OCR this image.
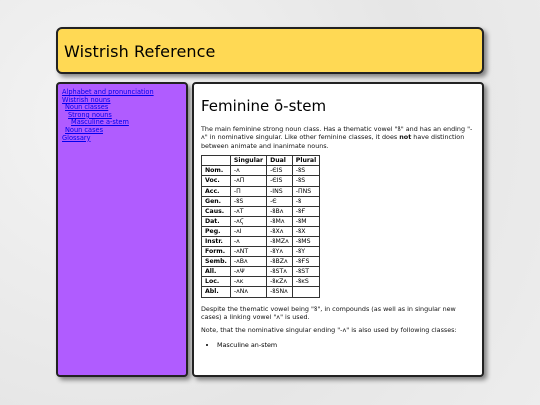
Wistrish Reference
Alphabet and pronunciation
Wistrish nouns
Noun classes
Strong nouns
Masculine a-stem
Noun cases
Glossary
Feminine ō-stem

The main feminine strong noun class. Has a thematic vowel "ꝸ" and has an ending "-ʌ" in nominative singular. Like other feminine classes, it does not have distinction between animate and inanimate nouns.

	Singular	Dual	Plural
Nom.	-ʌ	-ЄIS	-ꝸS
Voc.	-ʌΠ	-ЄIS	-ꝸS
Acc.	-Π	-INS	-ΠNS
Gen.	-ꝸS	-Є	-ꝸ
Caus.	-ʌT	-ꝸBʌ	-ꝸҒ
Dat.	-ʌϚ	-ꝸMʌ	-ꝸM
Peg.	-ʌI	-ꝸXʌ	-ꝸX
Instr.	-ʌ	-ꝸMZʌ	-ꝸMS
Form.	-ʌNT	-ꝸYʌ	-ꝸY
Semb.	-ʌBʌ	-ꝸBZʌ	-ꝸҒS
All.	-ʌΨ	-ꝸSTʌ	-ꝸST
Loc.	-ʌĸ	-ꝸĸZʌ	-ꝸĸS
Abl.	-ʌNʌ	-ꝸSNʌ	

Despite the thematic vowel being "ꝸ", in compounds (as well as in singular new cases) a linking vowel "ʌ" is used.

Note, that the nominative singular ending "-ʌ" is also used by following classes:

• Masculine an-stem
